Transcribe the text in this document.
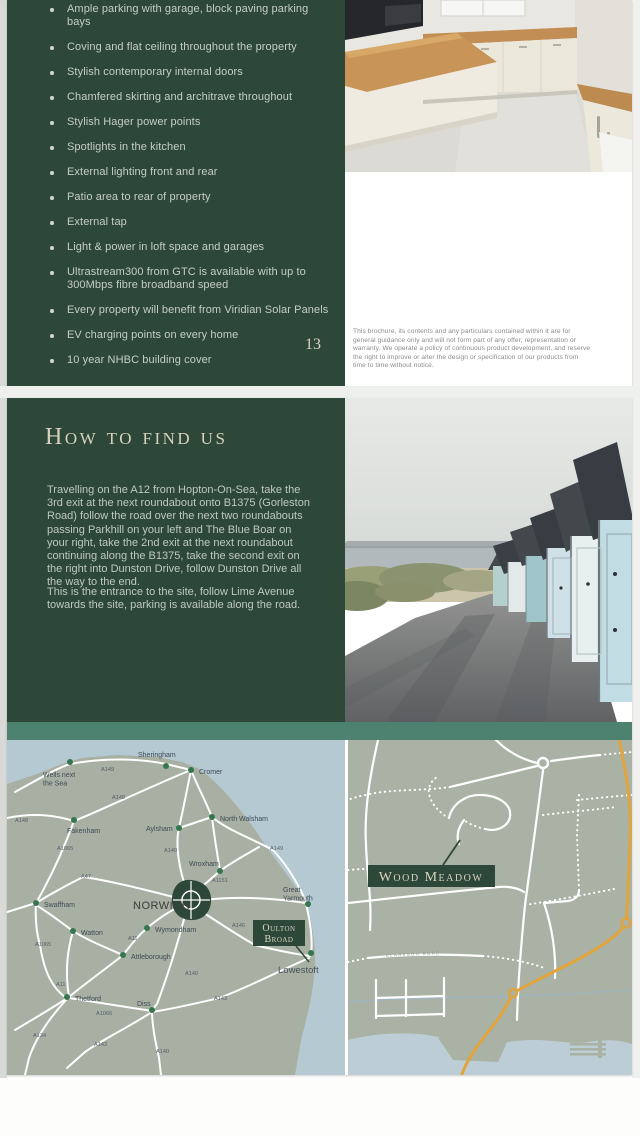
Ample parking with garage, block paving parking bays
Coving and flat ceiling throughout the property
Stylish contemporary internal doors
Chamfered skirting and architrave throughout
Stylish Hager power points
Spotlights in the kitchen
External lighting front and rear
Patio area to rear of property
External tap
Light & power in loft space and garages
Ultrastream300 from GTC is available with up to 300Mbps fibre broadband speed
Every property will benefit from Viridian Solar Panels
EV charging points on every home
10 year NHBC building cover
13

This brochure, its contents and any particulars contained within it are for general guidance only and will not form part of any offer, representation or warranty. We operate a policy of continuous product development, and reserve the right to improve or alter the design or specification of our products from time to time without notice.

How to find us

Travelling on the A12 from Hopton-On-Sea, take the 3rd exit at the next roundabout onto B1375 (Gorleston Road) follow the road over the next two roundabouts passing Parkhill on your left and The Blue Boar on your right, take the 2nd exit at the next roundabout continuing along the B1375, take the second exit on the right into Dunston Drive, follow Dunston Drive all the way to the end.

This is the entrance to the site, follow Lime Avenue towards the site, parking is available along the road.

Wells next
the Sea
Sheringham
Cromer
Fakenham
North Walsham
Aylsham
Wroxham
Great
Yarmouth
Swaffham
Watton	Wymondham
Attleborough
Thetford
Diss
Lowestoft
NORWICH
A149
A148
A148
A1065
A47
A140
A1151
A149
A146
A11
A1065
A140
A11
A143
A1066
A134
A143
A140
Oulton
Broad
CLARKSON ROAD
Wood Meadow
